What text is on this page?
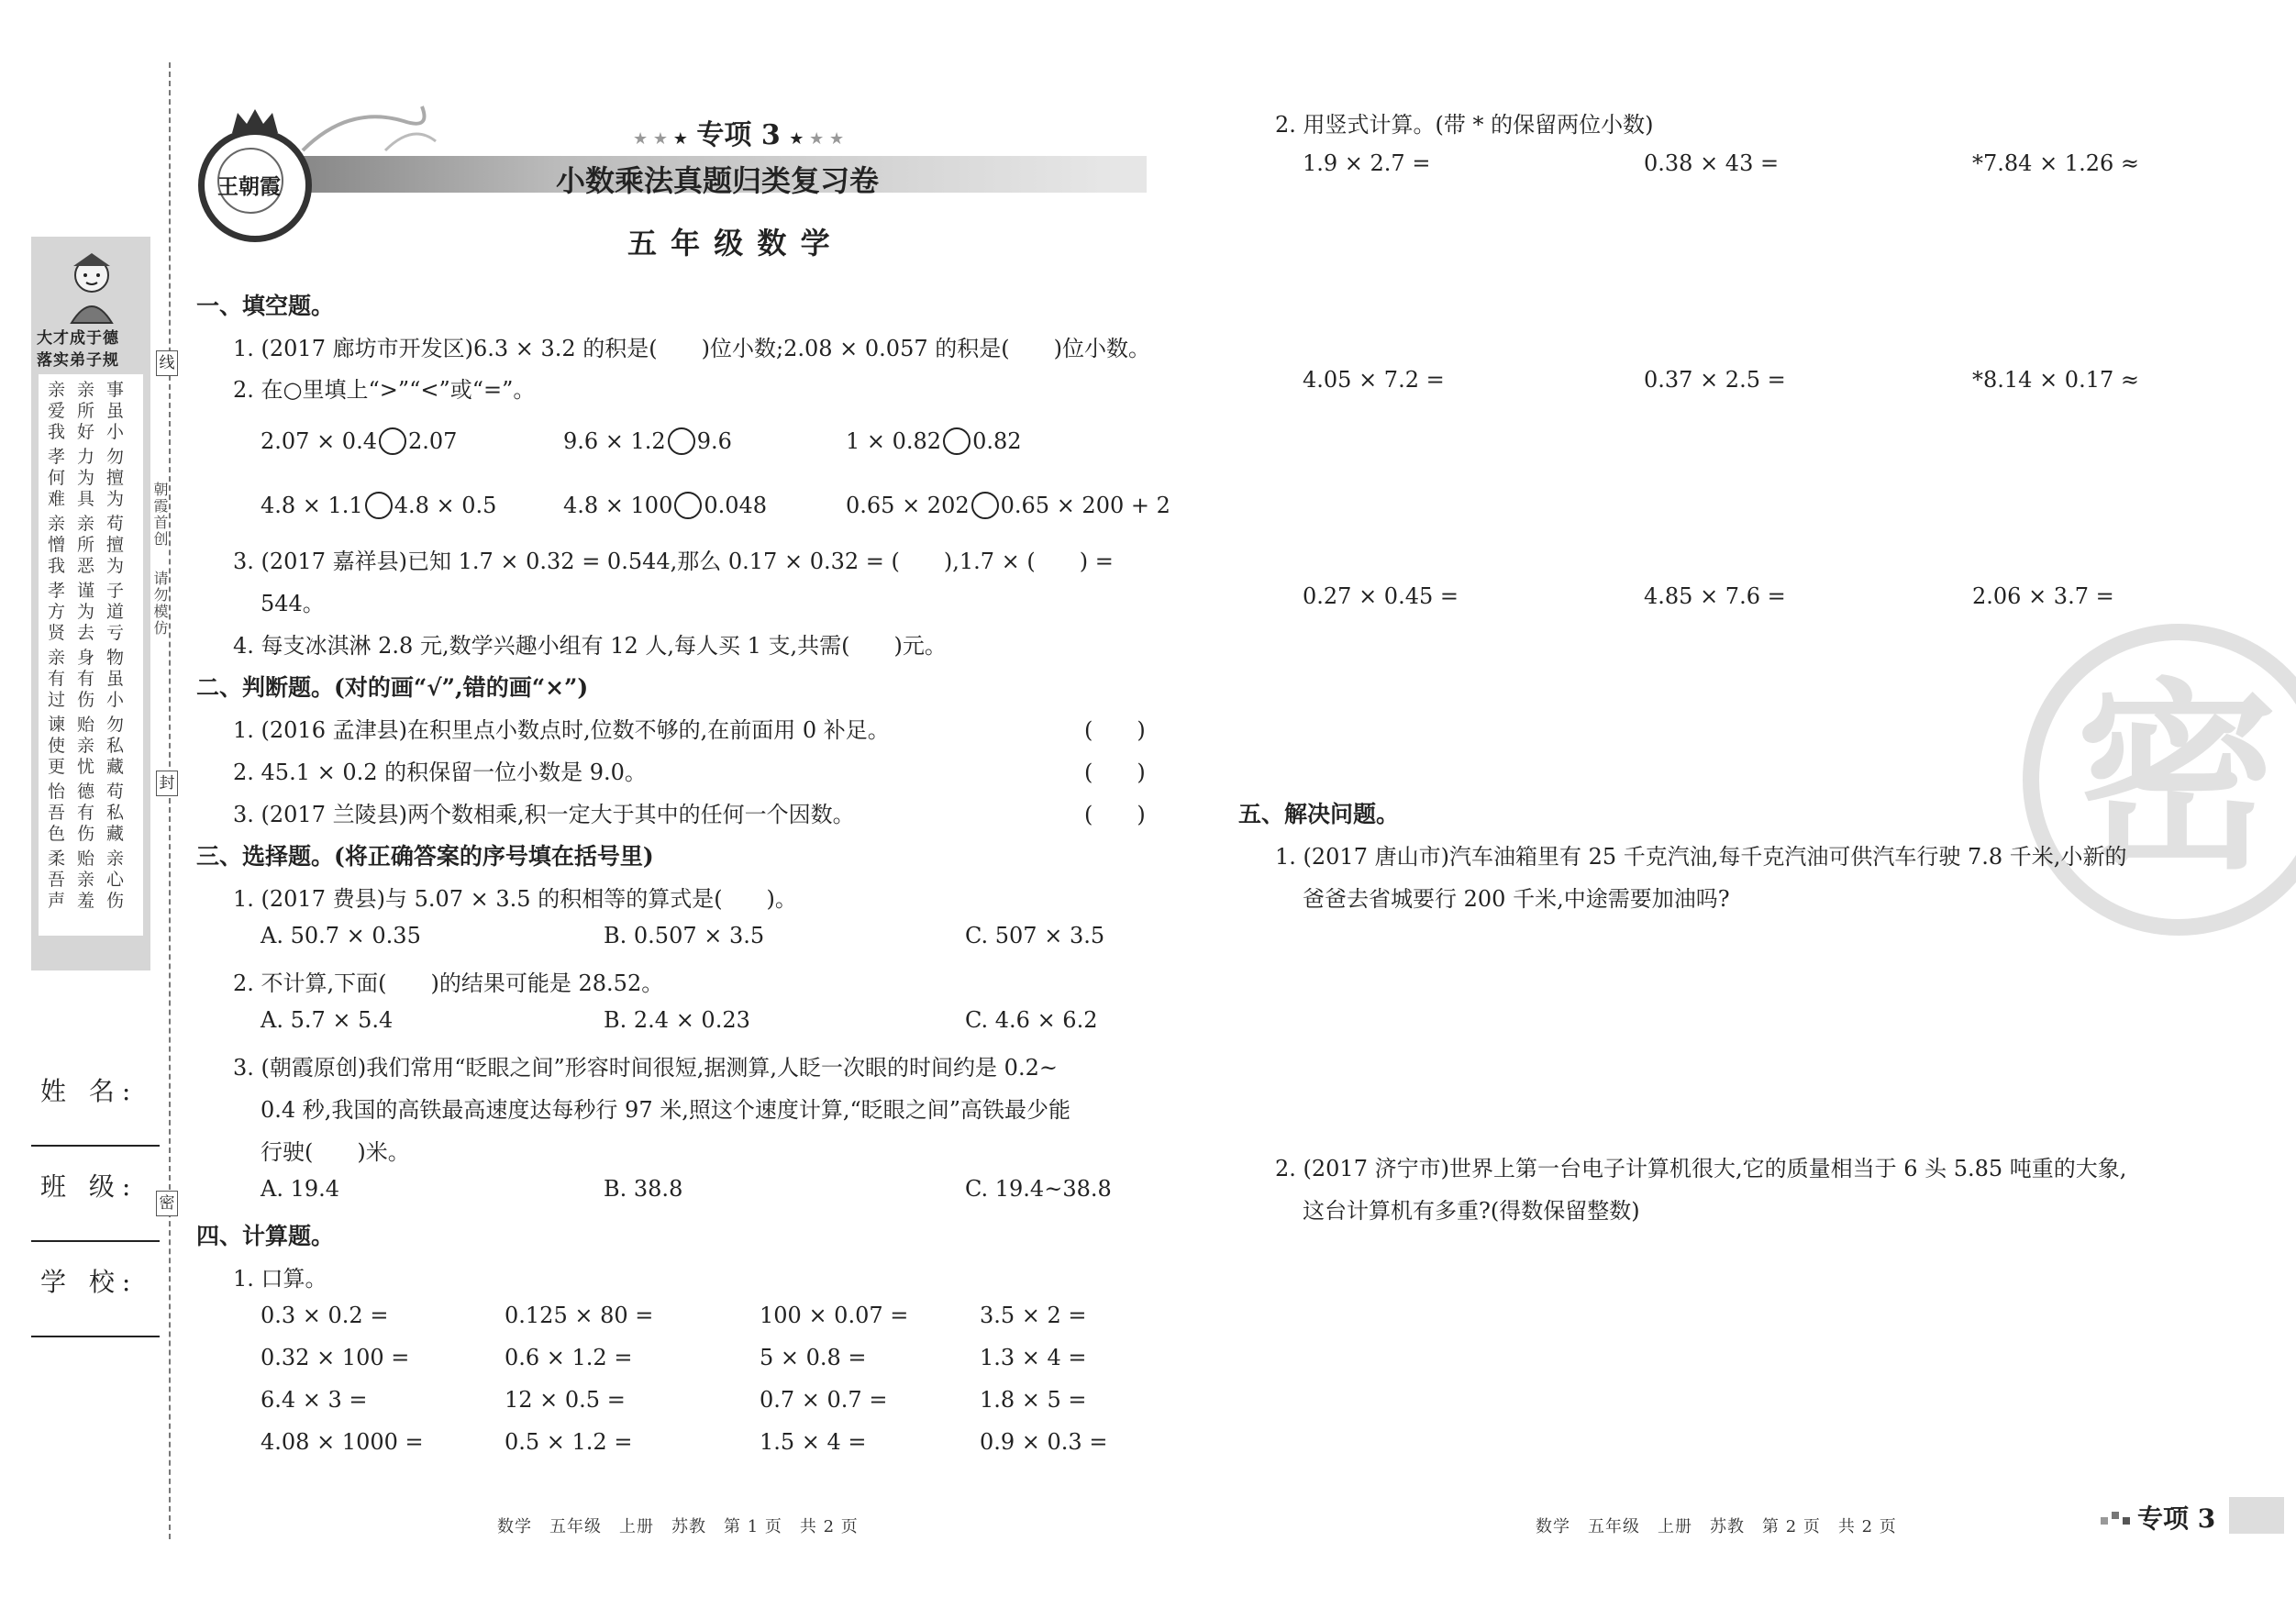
大才成于德
落实弟子规
亲 亲 事
爱 所 虽
我 好 小
孝 力 勿
何 为 擅
难 具 为
亲 亲 苟
憎 所 擅
我 恶 为
孝 谨 子
方 为 道
贤 去 亏
亲 身 物
有 有 虽
过 伤 小
谏 贻 勿
使 亲 私
更 忧 藏
怡 德 苟
吾 有 私
色 伤 藏
柔 贻 亲
吾 亲 心
声 羞 伤
姓 名:
班 级:
学 校:
线
封
密
朝霞首创
请勿模仿
王朝霞
★ ★ ★ 专项 3 ★ ★ ★
小数乘法真题归类复习卷
五 年 级 数 学
一、填空题。
1. (2017 廊坊市开发区)6.3 × 3.2 的积是(　　)位小数;2.08 × 0.057 的积是(　　)位小数。
2. 在○里填上“>”“<”或“=”。
2.07 × 0.4 2.07	9.6 × 1.2 9.6	1 × 0.82 0.82
4.8 × 1.1 4.8 × 0.5	4.8 × 100 0.048	0.65 × 202 0.65 × 200 + 2
3. (2017 嘉祥县)已知 1.7 × 0.32 = 0.544,那么 0.17 × 0.32 = (　　),1.7 × (　　) =
544。
4. 每支冰淇淋 2.8 元,数学兴趣小组有 12 人,每人买 1 支,共需(　　)元。
二、判断题。(对的画“√”,错的画“×”)
1. (2016 孟津县)在积里点小数点时,位数不够的,在前面用 0 补足。	(　　)
2. 45.1 × 0.2 的积保留一位小数是 9.0。	(　　)
3. (2017 兰陵县)两个数相乘,积一定大于其中的任何一个因数。	(　　)
三、选择题。(将正确答案的序号填在括号里)
1. (2017 费县)与 5.07 × 3.5 的积相等的算式是(　　)。
A. 50.7 × 0.35	B. 0.507 × 3.5	C. 507 × 3.5
2. 不计算,下面(　　)的结果可能是 28.52。
A. 5.7 × 5.4	B. 2.4 × 0.23	C. 4.6 × 6.2
3. (朝霞原创)我们常用“眨眼之间”形容时间很短,据测算,人眨一次眼的时间约是 0.2~
0.4 秒,我国的高铁最高速度达每秒行 97 米,照这个速度计算,“眨眼之间”高铁最少能
行驶(　　)米。
A. 19.4	B. 38.8	C. 19.4~38.8
四、计算题。
1. 口算。
0.3 × 0.2 =	0.125 × 80 =	100 × 0.07 =	3.5 × 2 =
0.32 × 100 =	0.6 × 1.2 =	5 × 0.8 =	1.3 × 4 =
6.4 × 3 =	12 × 0.5 =	0.7 × 0.7 =	1.8 × 5 =
4.08 × 1000 =	0.5 × 1.2 =	1.5 × 4 =	0.9 × 0.3 =
2. 用竖式计算。(带 * 的保留两位小数)
1.9 × 2.7 =	0.38 × 43 =	*7.84 × 1.26 ≈
4.05 × 7.2 =	0.37 × 2.5 =	*8.14 × 0.17 ≈
0.27 × 0.45 =	4.85 × 7.6 =	2.06 × 3.7 =
密
五、解决问题。
1. (2017 唐山市)汽车油箱里有 25 千克汽油,每千克汽油可供汽车行驶 7.8 千米,小新的
爸爸去省城要行 200 千米,中途需要加油吗?
2. (2017 济宁市)世界上第一台电子计算机很大,它的质量相当于 6 头 5.85 吨重的大象,
这台计算机有多重?(得数保留整数)
数学　五年级　上册　苏教　第 1 页　共 2 页	数学　五年级　上册　苏教　第 2 页　共 2 页	专项 3
